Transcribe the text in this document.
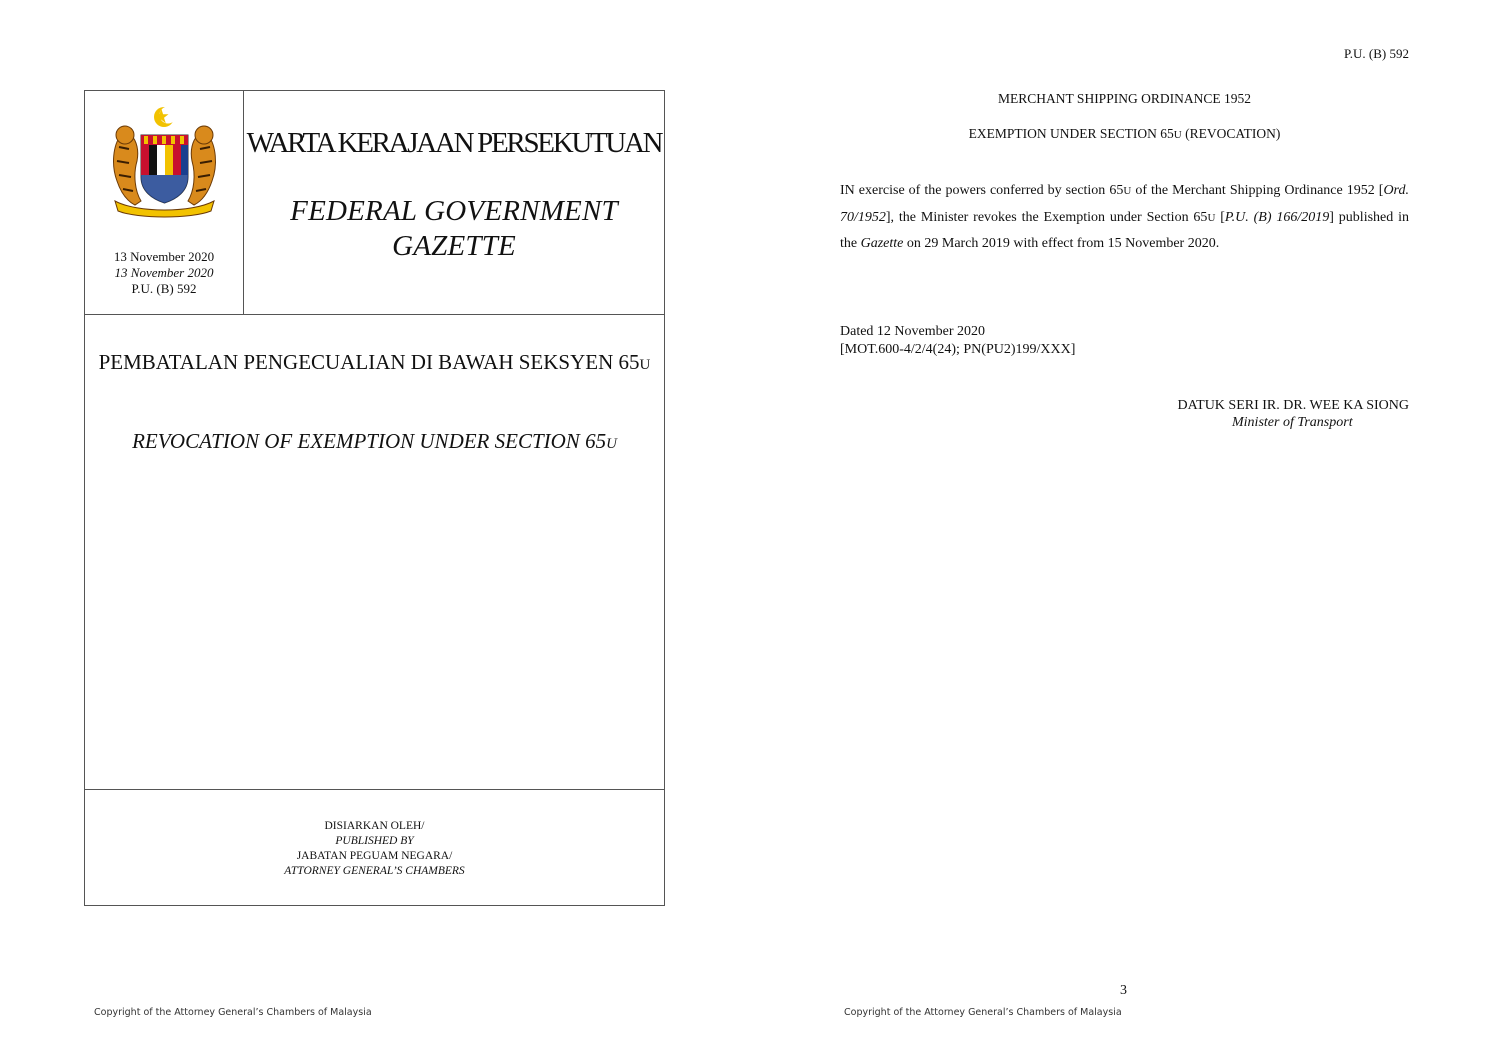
13 November 2020
13 November 2020
P.U. (B) 592
WARTA KERAJAAN PERSEKUTUAN
FEDERAL GOVERNMENT
GAZETTE
PEMBATALAN PENGECUALIAN DI BAWAH SEKSYEN 65U
REVOCATION OF EXEMPTION UNDER SECTION 65U
DISIARKAN OLEH/
PUBLISHED BY
JABATAN PEGUAM NEGARA/
ATTORNEY GENERAL’S CHAMBERS
Copyright of the Attorney General’s Chambers of Malaysia
P.U. (B) 592
MERCHANT SHIPPING ORDINANCE 1952
EXEMPTION UNDER SECTION 65U (REVOCATION)
IN exercise of the powers conferred by section 65U of the Merchant Shipping Ordinance 1952 [Ord. 70/1952], the Minister revokes the Exemption under Section 65U [P.U. (B) 166/2019] published in the Gazette on 29 March 2019 with effect from 15 November 2020.
Dated 12 November 2020
[MOT.600-4/2/4(24); PN(PU2)199/XXX]
DATUK SERI IR. DR. WEE KA SIONG
Minister of Transport
3
Copyright of the Attorney General’s Chambers of Malaysia
